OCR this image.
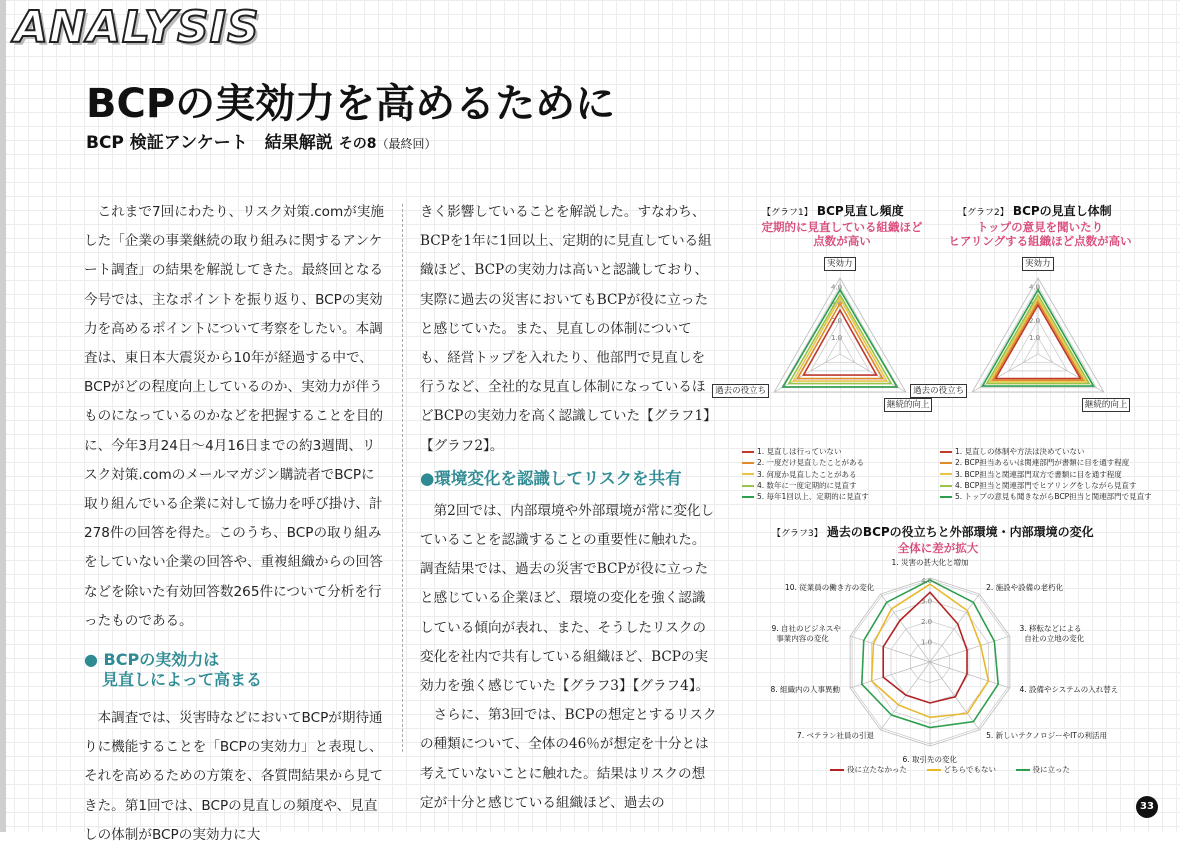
ANALYSIS
BCPの実効力を高めるために
BCP 検証アンケート　結果解説 その8（最終回）

これまで7回にわたり、リスク対策.comが実施した「企業の事業継続の取り組みに関するアンケート調査」の結果を解説してきた。最終回となる今号では、主なポイントを振り返り、BCPの実効力を高めるポイントについて考察をしたい。本調査は、東日本大震災から10年が経過する中で、BCPがどの程度向上しているのか、実効力が伴うものになっているのかなどを把握することを目的に、今年3月24日～4月16日までの約3週間、リスク対策.comのメールマガジン購読者でBCPに取り組んでいる企業に対して協力を呼び掛け、計278件の回答を得た。このうち、BCPの取り組みをしていない企業の回答や、重複組織からの回答などを除いた有効回答数265件について分析を行ったものである。

● BCPの実効力は
見直しによって高まる

本調査では、災害時などにおいてBCPが期待通りに機能することを「BCPの実効力」と表現し、それを高めるための方策を、各質問結果から見てきた。第1回では、BCPの見直しの頻度や、見直しの体制がBCPの実効力に大

きく影響していることを解説した。すなわち、BCPを1年に1回以上、定期的に見直している組織ほど、BCPの実効力は高いと認識しており、実際に過去の災害においてもBCPが役に立ったと感じていた。また、見直しの体制についても、経営トップを入れたり、他部門で見直しを行うなど、全社的な見直し体制になっているほどBCPの実効力を高く認識していた【グラフ1】【グラフ2】。

●環境変化を認識してリスクを共有

第2回では、内部環境や外部環境が常に変化していることを認識することの重要性に触れた。調査結果では、過去の災害でBCPが役に立ったと感じている企業ほど、環境の変化を強く認識している傾向が表れ、また、そうしたリスクの変化を社内で共有している組織ほど、BCPの実効力を強く感じていた【グラフ3】【グラフ4】。

さらに、第3回では、BCPの想定とするリスクの種類について、全体の46％が想定を十分とは考えていないことに触れた。結果はリスクの想定が十分と感じている組織ほど、過去の

【グラフ1】 BCP見直し頻度
定期的に見直している組織ほど
点数が高い
1.0
2.0
3.0
4.0
1. 見直しは行っていない
2. 一度だけ見直したことがある
3. 何度か見直したことがある
4. 数年に一度定期的に見直す
5. 毎年1回以上、定期的に見直す
【グラフ2】 BCPの見直し体制
トップの意見を聞いたり
ヒアリングする組織ほど点数が高い
1.0
2.0
3.0
4.0
1. 見直しの体制や方法は決めていない
2. BCP担当あるいは関連部門が書類に目を通す程度
3. BCP担当と関連部門双方で書類に目を通す程度
4. BCP担当と関連部門でヒアリングをしながら見直す
5. トップの意見も聞きながらBCP担当と関連部門で見直す
【グラフ3】 過去のBCPの役立ちと外部環境・内部環境の変化
全体に差が拡大
1.0
2.0
3.0
4.0
役に立たなかった	どちらでもない	役に立った
33
実効力
継続的向上
過去の役立ち
実効力
継続的向上
過去の役立ち
1. 災害の甚大化と増加
2. 施設や設備の老朽化
3. 移転などによる
自社の立地の変化
4. 設備やシステムの入れ替え
5. 新しいテクノロジーやITの利活用
6. 取引先の変化
7. ベテラン社員の引退
8. 組織内の人事異動
9. 自社のビジネスや
事業内容の変化
10. 従業員の働き方の変化
